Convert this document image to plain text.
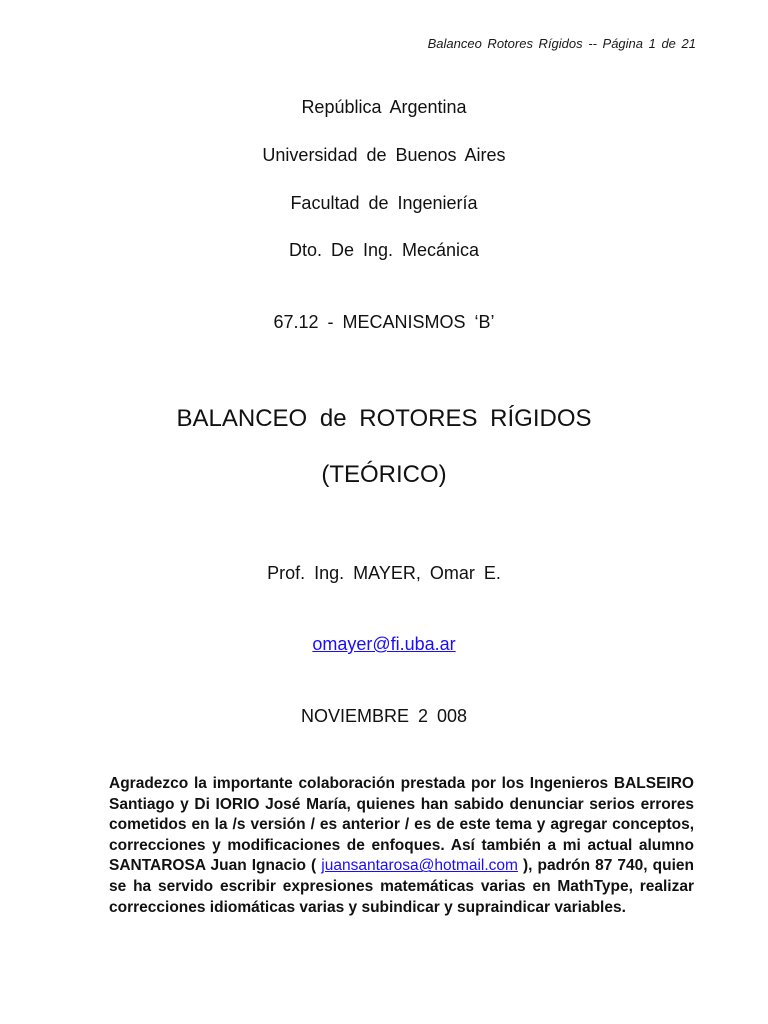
Balanceo Rotores Rígidos -- Página 1 de 21
República Argentina
Universidad de Buenos Aires
Facultad de Ingeniería
Dto. De Ing. Mecánica
67.12 - MECANISMOS ‘B’
BALANCEO de ROTORES RÍGIDOS
(TEÓRICO)
Prof. Ing. MAYER, Omar E.
omayer@fi.uba.ar
NOVIEMBRE 2 008
Agradezco la importante colaboración prestada por los Ingenieros BALSEIRO Santiago y Di IORIO José María, quienes han sabido denunciar serios errores cometidos en la /s versión / es anterior / es de este tema y agregar conceptos, correcciones y modificaciones de enfoques. Así también a mi actual alumno SANTAROSA Juan Ignacio ( juansantarosa@hotmail.com ), padrón 87 740, quien se ha servido escribir expresiones matemáticas varias en MathType, realizar correcciones idiomáticas varias y subindicar y supraindicar variables.
